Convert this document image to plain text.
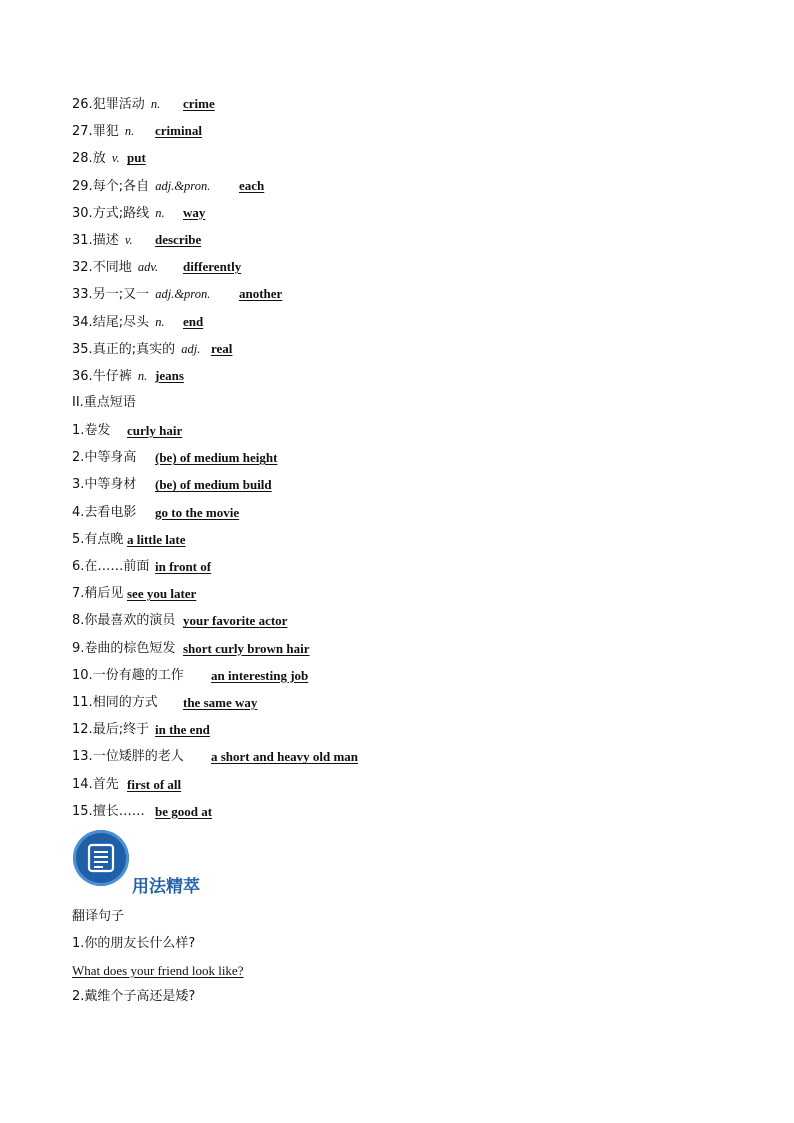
26.犯罪活动 n. crime
27.罪犯 n. criminal
28.放 v. put
29.每个;各自 adj.&pron. each
30.方式;路线 n. way
31.描述 v. describe
32.不同地 adv. differently
33.另一;又一 adj.&pron. another
34.结尾;尽头 n. end
35.真正的;真实的 adj. real
36.牛仔裤 n. jeans
II.重点短语
1.卷发 curly hair
2.中等身高 (be) of medium height
3.中等身材 (be) of medium build
4.去看电影 go to the movie
5.有点晚 a little late
6.在……前面 in front of
7.稍后见 see you later
8.你最喜欢的演员 your favorite actor
9.卷曲的棕色短发 short curly brown hair
10.一份有趣的工作 an interesting job
11.相同的方式 the same way
12.最后;终于 in the end
13.一位矮胖的老人 a short and heavy old man
14.首先 first of all
15.擅长…… be good at
用法精萃
翻译句子
1.你的朋友长什么样?
What does your friend look like?
2.戴维个子高还是矮?
